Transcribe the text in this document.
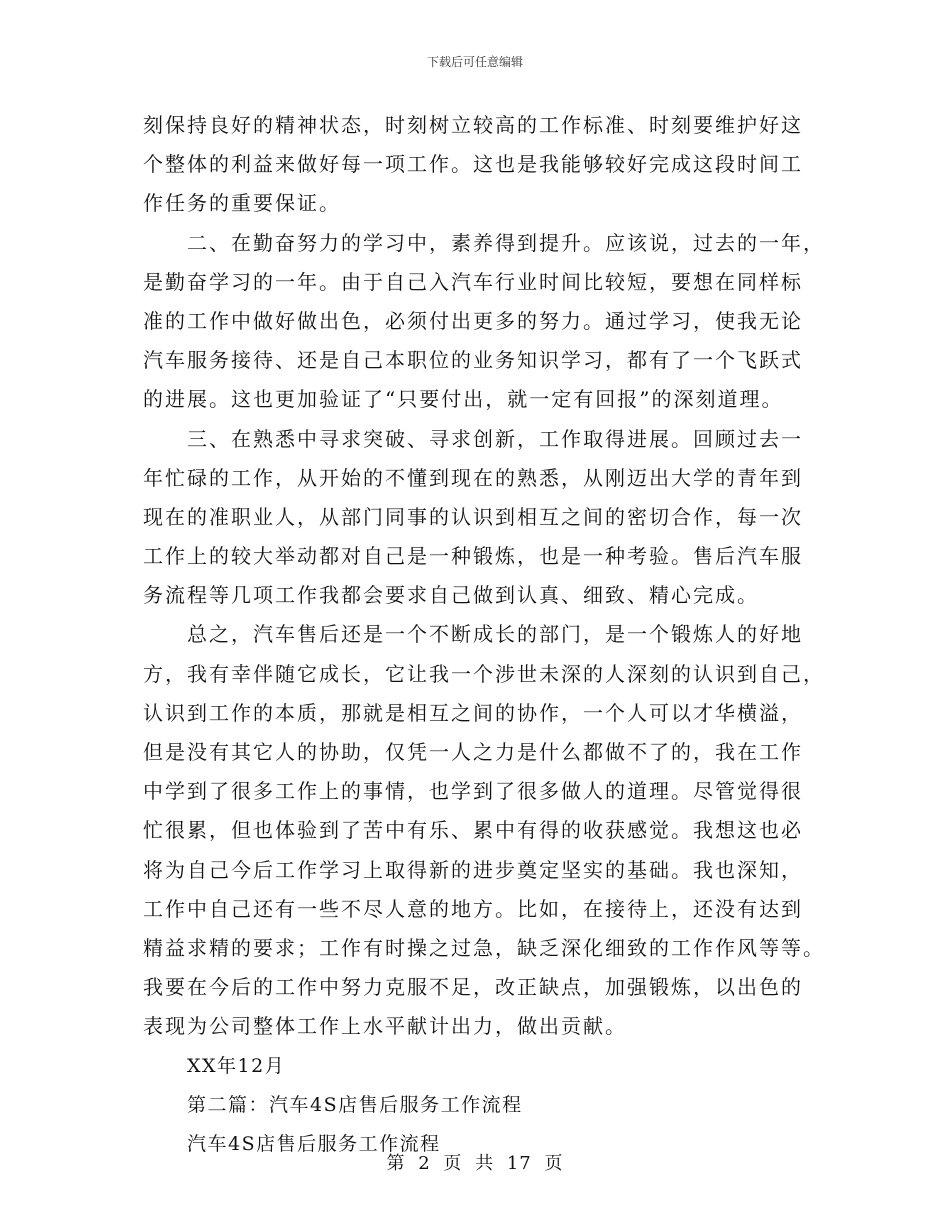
下载后可任意编辑
刻保持良好的精神状态，时刻树立较高的工作标准、时刻要维护好这
个整体的利益来做好每一项工作。这也是我能够较好完成这段时间工
作任务的重要保证。
二、在勤奋努力的学习中，素养得到提升。应该说，过去的一年，
是勤奋学习的一年。由于自己入汽车行业时间比较短，要想在同样标
准的工作中做好做出色，必须付出更多的努力。通过学习，使我无论
汽车服务接待、还是自己本职位的业务知识学习，都有了一个飞跃式
的进展。这也更加验证了“只要付出，就一定有回报”的深刻道理。
三、在熟悉中寻求突破、寻求创新，工作取得进展。回顾过去一
年忙碌的工作，从开始的不懂到现在的熟悉，从刚迈出大学的青年到
现在的准职业人，从部门同事的认识到相互之间的密切合作，每一次
工作上的较大举动都对自己是一种锻炼，也是一种考验。售后汽车服
务流程等几项工作我都会要求自己做到认真、细致、精心完成。
总之，汽车售后还是一个不断成长的部门，是一个锻炼人的好地
方，我有幸伴随它成长，它让我一个涉世未深的人深刻的认识到自己，
认识到工作的本质，那就是相互之间的协作，一个人可以才华横溢，
但是没有其它人的协助，仅凭一人之力是什么都做不了的，我在工作
中学到了很多工作上的事情，也学到了很多做人的道理。尽管觉得很
忙很累，但也体验到了苦中有乐、累中有得的收获感觉。我想这也必
将为自己今后工作学习上取得新的进步奠定坚实的基础。我也深知，
工作中自己还有一些不尽人意的地方。比如，在接待上，还没有达到
精益求精的要求；工作有时操之过急，缺乏深化细致的工作作风等等。
我要在今后的工作中努力克服不足，改正缺点，加强锻炼，以出色的
表现为公司整体工作上水平献计出力，做出贡献。
XX年12月
第二篇：汽车4S店售后服务工作流程
汽车4S店售后服务工作流程
第 2 页 共 17 页
